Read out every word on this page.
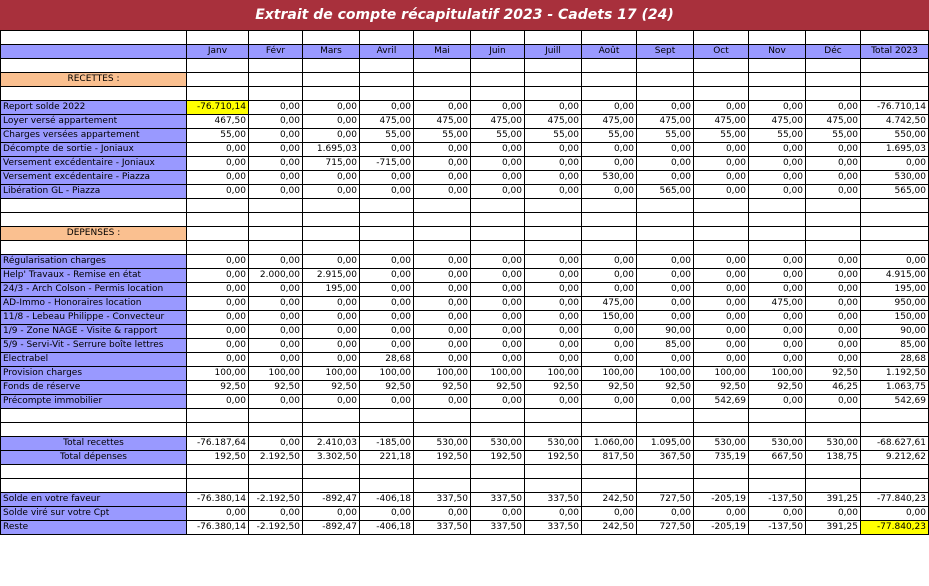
Extrait de compte récapitulatif 2023 - Cadets 17 (24)

	Janv	Févr	Mars	Avril	Mai	Juin	Juill	Août	Sept	Oct	Nov	Déc	Total 2023

RECETTES :													

Report solde 2022	-76.710,14	0,00	0,00	0,00	0,00	0,00	0,00	0,00	0,00	0,00	0,00	0,00	-76.710,14
Loyer versé appartement	467,50	0,00	0,00	475,00	475,00	475,00	475,00	475,00	475,00	475,00	475,00	475,00	4.742,50
Charges versées appartement	55,00	0,00	0,00	55,00	55,00	55,00	55,00	55,00	55,00	55,00	55,00	55,00	550,00
Décompte de sortie - Joniaux	0,00	0,00	1.695,03	0,00	0,00	0,00	0,00	0,00	0,00	0,00	0,00	0,00	1.695,03
Versement excédentaire - Joniaux	0,00	0,00	715,00	-715,00	0,00	0,00	0,00	0,00	0,00	0,00	0,00	0,00	0,00
Versement excédentaire - Piazza	0,00	0,00	0,00	0,00	0,00	0,00	0,00	530,00	0,00	0,00	0,00	0,00	530,00
Libération GL - Piazza	0,00	0,00	0,00	0,00	0,00	0,00	0,00	0,00	565,00	0,00	0,00	0,00	565,00

DEPENSES :													

Régularisation charges	0,00	0,00	0,00	0,00	0,00	0,00	0,00	0,00	0,00	0,00	0,00	0,00	0,00
Help' Travaux - Remise en état	0,00	2.000,00	2.915,00	0,00	0,00	0,00	0,00	0,00	0,00	0,00	0,00	0,00	4.915,00
24/3 - Arch Colson - Permis location	0,00	0,00	195,00	0,00	0,00	0,00	0,00	0,00	0,00	0,00	0,00	0,00	195,00
AD-Immo - Honoraires location	0,00	0,00	0,00	0,00	0,00	0,00	0,00	475,00	0,00	0,00	475,00	0,00	950,00
11/8 - Lebeau Philippe - Convecteur	0,00	0,00	0,00	0,00	0,00	0,00	0,00	150,00	0,00	0,00	0,00	0,00	150,00
1/9 - Zone NAGE - Visite & rapport	0,00	0,00	0,00	0,00	0,00	0,00	0,00	0,00	90,00	0,00	0,00	0,00	90,00
5/9 - Servi-Vit - Serrure boîte lettres	0,00	0,00	0,00	0,00	0,00	0,00	0,00	0,00	85,00	0,00	0,00	0,00	85,00
Electrabel	0,00	0,00	0,00	28,68	0,00	0,00	0,00	0,00	0,00	0,00	0,00	0,00	28,68
Provision charges	100,00	100,00	100,00	100,00	100,00	100,00	100,00	100,00	100,00	100,00	100,00	92,50	1.192,50
Fonds de réserve	92,50	92,50	92,50	92,50	92,50	92,50	92,50	92,50	92,50	92,50	92,50	46,25	1.063,75
Précompte immobilier	0,00	0,00	0,00	0,00	0,00	0,00	0,00	0,00	0,00	542,69	0,00	0,00	542,69

Total recettes	-76.187,64	0,00	2.410,03	-185,00	530,00	530,00	530,00	1.060,00	1.095,00	530,00	530,00	530,00	-68.627,61
Total dépenses	192,50	2.192,50	3.302,50	221,18	192,50	192,50	192,50	817,50	367,50	735,19	667,50	138,75	9.212,62

Solde en votre faveur	-76.380,14	-2.192,50	-892,47	-406,18	337,50	337,50	337,50	242,50	727,50	-205,19	-137,50	391,25	-77.840,23
Solde viré sur votre Cpt	0,00	0,00	0,00	0,00	0,00	0,00	0,00	0,00	0,00	0,00	0,00	0,00	0,00
Reste	-76.380,14	-2.192,50	-892,47	-406,18	337,50	337,50	337,50	242,50	727,50	-205,19	-137,50	391,25	-77.840,23
